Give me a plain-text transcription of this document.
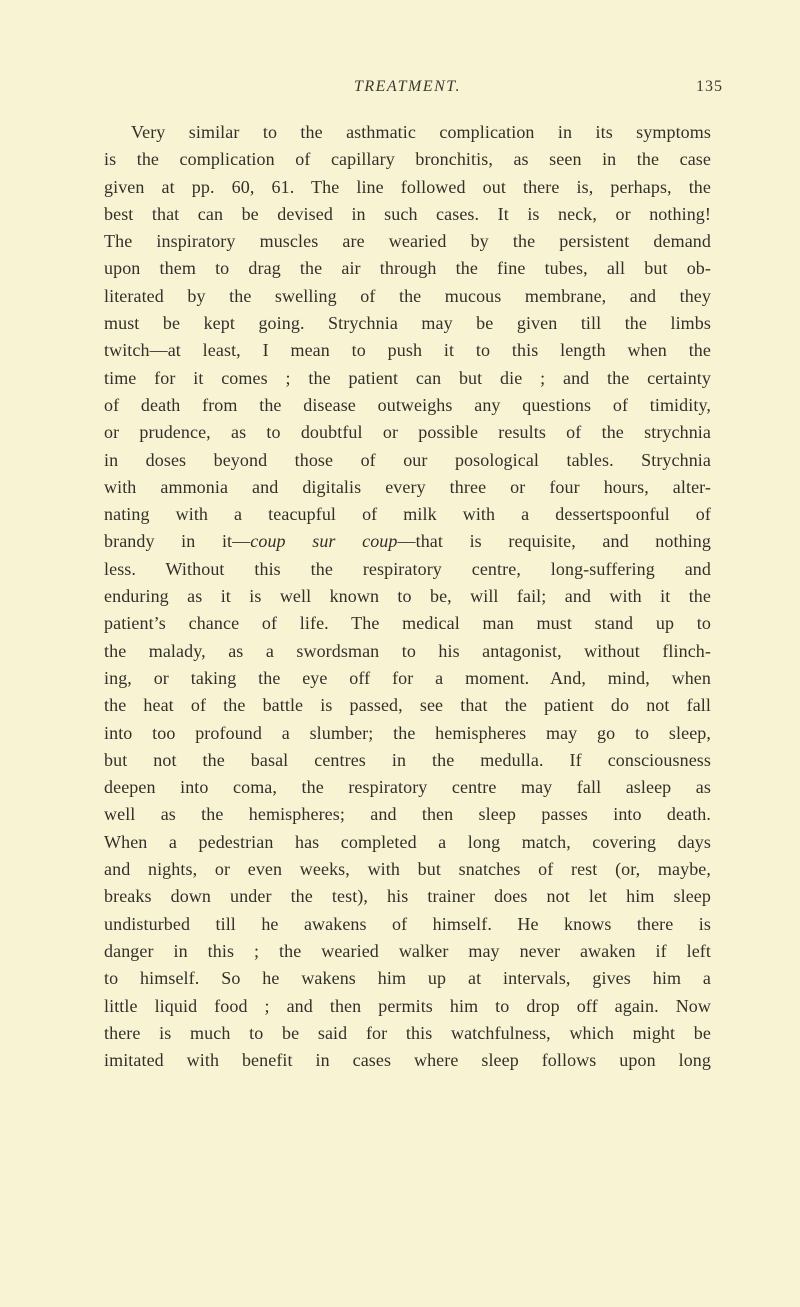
TREATMENT.	135
Very similar to the asthmatic complication in its symptoms
is the complication of capillary bronchitis, as seen in the case
given at pp. 60, 61. The line followed out there is, perhaps, the
best that can be devised in such cases. It is neck, or nothing!
The inspiratory muscles are wearied by the persistent demand
upon them to drag the air through the fine tubes, all but ob-
literated by the swelling of the mucous membrane, and they
must be kept going. Strychnia may be given till the limbs
twitch—at least, I mean to push it to this length when the
time for it comes ; the patient can but die ; and the certainty
of death from the disease outweighs any questions of timidity,
or prudence, as to doubtful or possible results of the strychnia
in doses beyond those of our posological tables. Strychnia
with ammonia and digitalis every three or four hours, alter-
nating with a teacupful of milk with a dessertspoonful of
brandy in it—coup sur coup—that is requisite, and nothing
less. Without this the respiratory centre, long-suffering and
enduring as it is well known to be, will fail; and with it the
patient’s chance of life. The medical man must stand up to
the malady, as a swordsman to his antagonist, without flinch-
ing, or taking the eye off for a moment. And, mind, when
the heat of the battle is passed, see that the patient do not fall
into too profound a slumber; the hemispheres may go to sleep,
but not the basal centres in the medulla. If consciousness
deepen into coma, the respiratory centre may fall asleep as
well as the hemispheres; and then sleep passes into death.
When a pedestrian has completed a long match, covering days
and nights, or even weeks, with but snatches of rest (or, maybe,
breaks down under the test), his trainer does not let him sleep
undisturbed till he awakens of himself. He knows there is
danger in this ; the wearied walker may never awaken if left
to himself. So he wakens him up at intervals, gives him a
little liquid food ; and then permits him to drop off again. Now
there is much to be said for this watchfulness, which might be
imitated with benefit in cases where sleep follows upon long
